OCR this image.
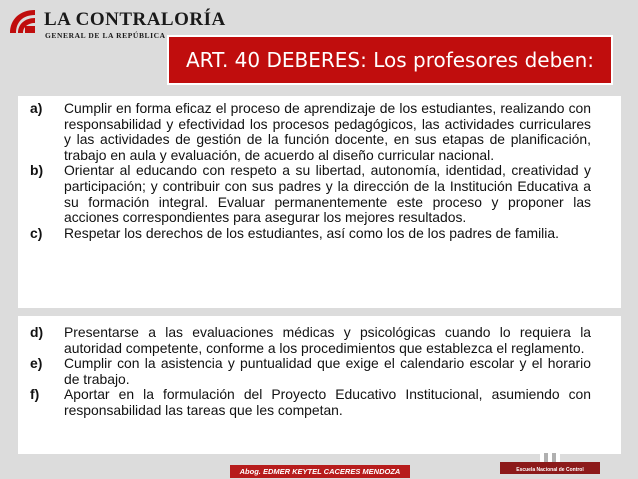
LA CONTRALORÍA
GENERAL DE LA REPÚBLICA
ART. 40 DEBERES: Los profesores deben:
a)	Cumplir en forma eficaz el proceso de aprendizaje de los estudiantes, realizando con responsabilidad y efectividad los procesos pedagógicos, las actividades curriculares y las actividades de gestión de la función docente, en sus etapas de planificación, trabajo en aula y evaluación, de acuerdo al diseño curricular nacional.
b)	Orientar al educando con respeto a su libertad, autonomía, identidad, creatividad y participación; y contribuir con sus padres y la dirección de la Institución Educativa a su formación integral. Evaluar permanentemente este proceso y proponer las acciones correspondientes para asegurar los mejores resultados.
c)	Respetar los derechos de los estudiantes, así como los de los padres de familia.
d)	Presentarse a las evaluaciones médicas y psicológicas cuando lo requiera la autoridad competente, conforme a los procedimientos que establezca el reglamento.
e)	Cumplir con la asistencia y puntualidad que exige el calendario escolar y el horario de trabajo.
f)	Aportar en la formulación del Proyecto Educativo Institucional, asumiendo con responsabilidad las tareas que les competan.
Abog. EDMER KEYTEL CACERES MENDOZA	Escuela Nacional de Control
